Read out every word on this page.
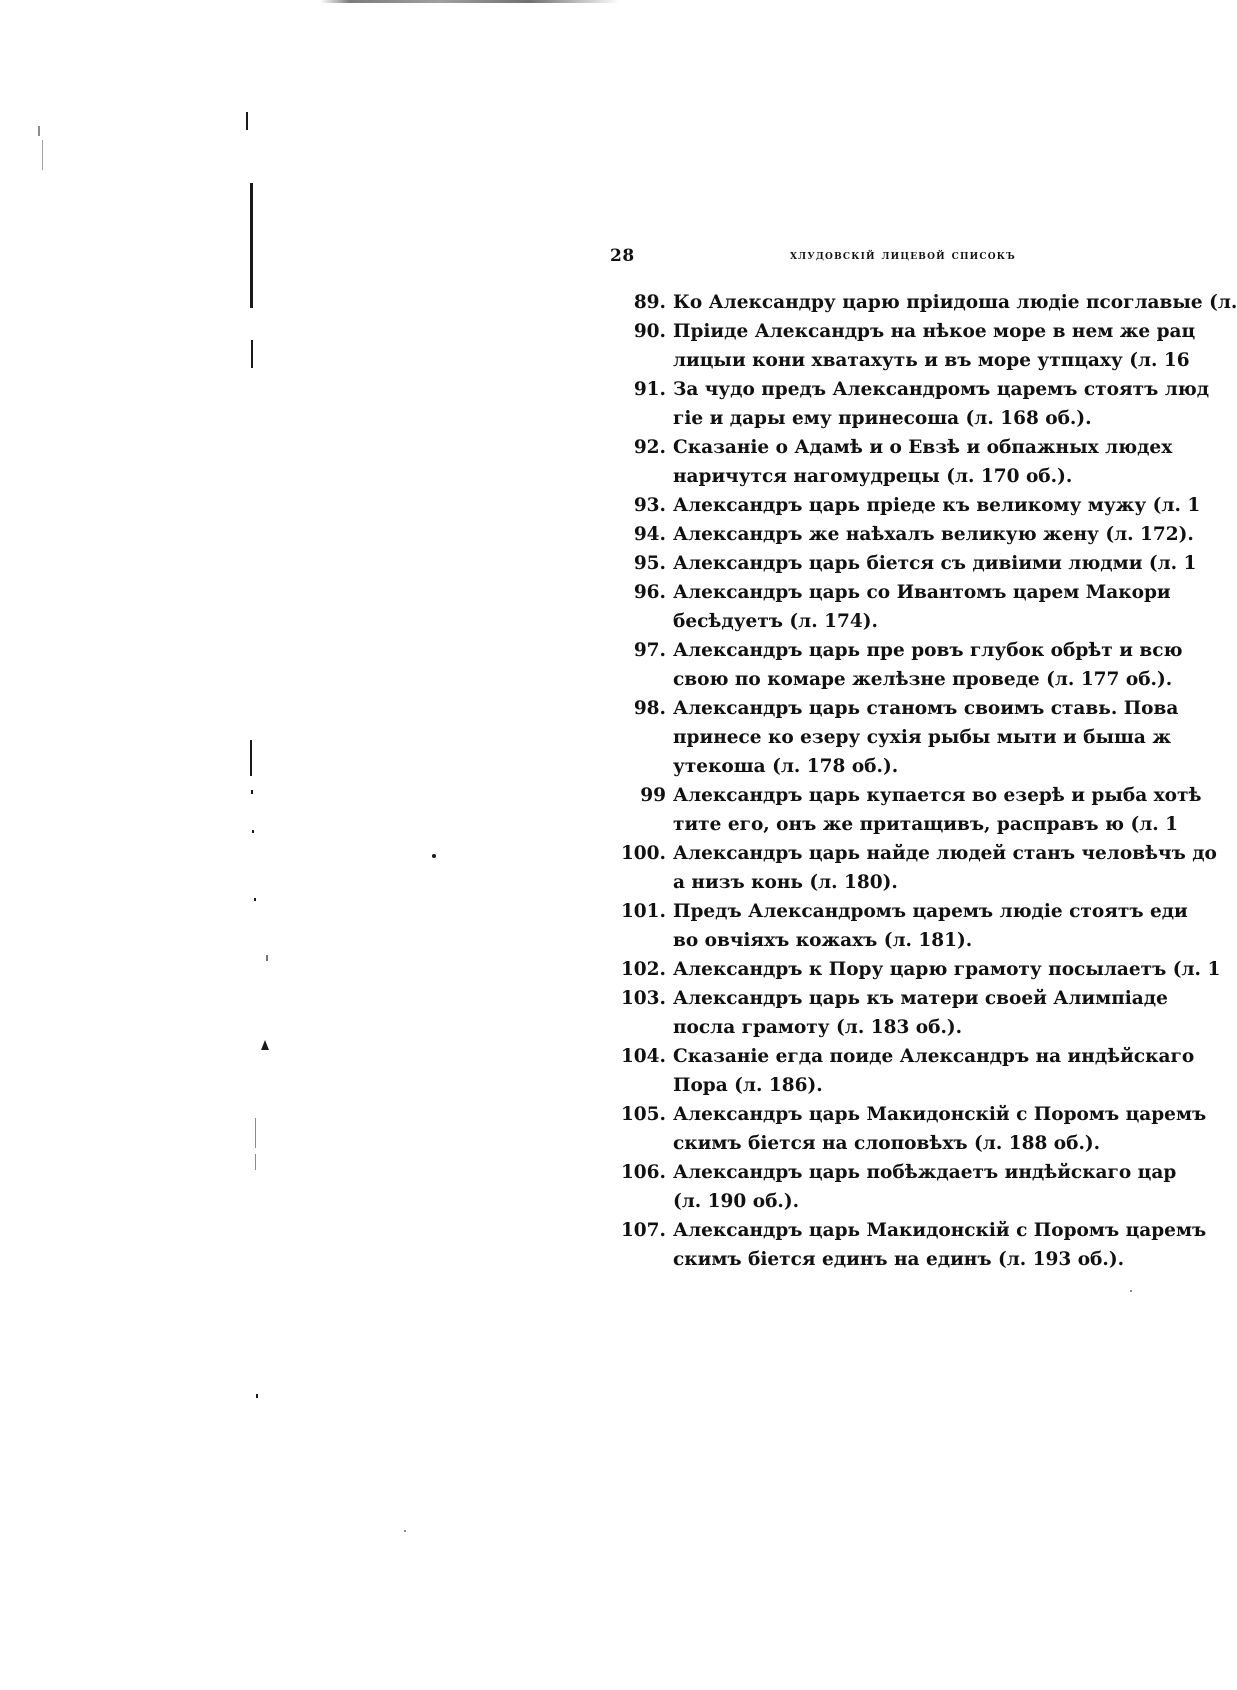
28	хлудовскій лицевой списокъ
89. Ко Александру царю пріидоша людіе псоглавые (л.
90. Пріиде Александръ на нѣкое море в нем же рац
лицыи кони хватахуть и въ море утпцаху (л. 16
91. За чудо предъ Александромъ царемъ стоятъ люд
гіе и дары ему принесоша (л. 168 об.).
92. Сказаніе о Адамѣ и о Евзѣ и обпажных людех
наричутся нагомудрецы (л. 170 об.).
93. Александръ царь пріеде къ великому мужу (л. 1
94. Александръ же наѣхалъ великую жену (л. 172).
95. Александръ царь біется съ дивіими людми (л. 1
96. Александръ царь со Ивантомъ царем Макори
бесѣдуетъ (л. 174).
97. Александръ царь пре ровъ глубок обрѣт и всю
свою по комаре желѣзне проведе (л. 177 об.).
98. Александръ царь станомъ своимъ ставь. Пова
принесе ко езеру сухія рыбы мыти и быша ж
утекоша (л. 178 об.).
99 Александръ царь купается во езерѣ и рыба хотѣ
тите его, онъ же притащивъ, расправъ ю (л. 1
100. Александръ царь найде людей станъ человѣчъ до
а низъ конь (л. 180).
101. Предъ Александромъ царемъ людіе стоятъ еди
во овчіяхъ кожахъ (л. 181).
102. Александръ к Пору царю грамоту посылаетъ (л. 1
103. Александръ царь къ матери своей Алимпіаде
посла грамоту (л. 183 об.).
104. Сказаніе егда поиде Александръ на индѣйскаго
Пора (л. 186).
105. Александръ царь Макидонскій с Поромъ царемъ
скимъ біется на слоповѣхъ (л. 188 об.).
106. Александръ царь побѣждаетъ индѣйскаго цар
(л. 190 об.).
107. Александръ царь Макидонскій с Поромъ царемъ
скимъ біется единъ на единъ (л. 193 об.).
